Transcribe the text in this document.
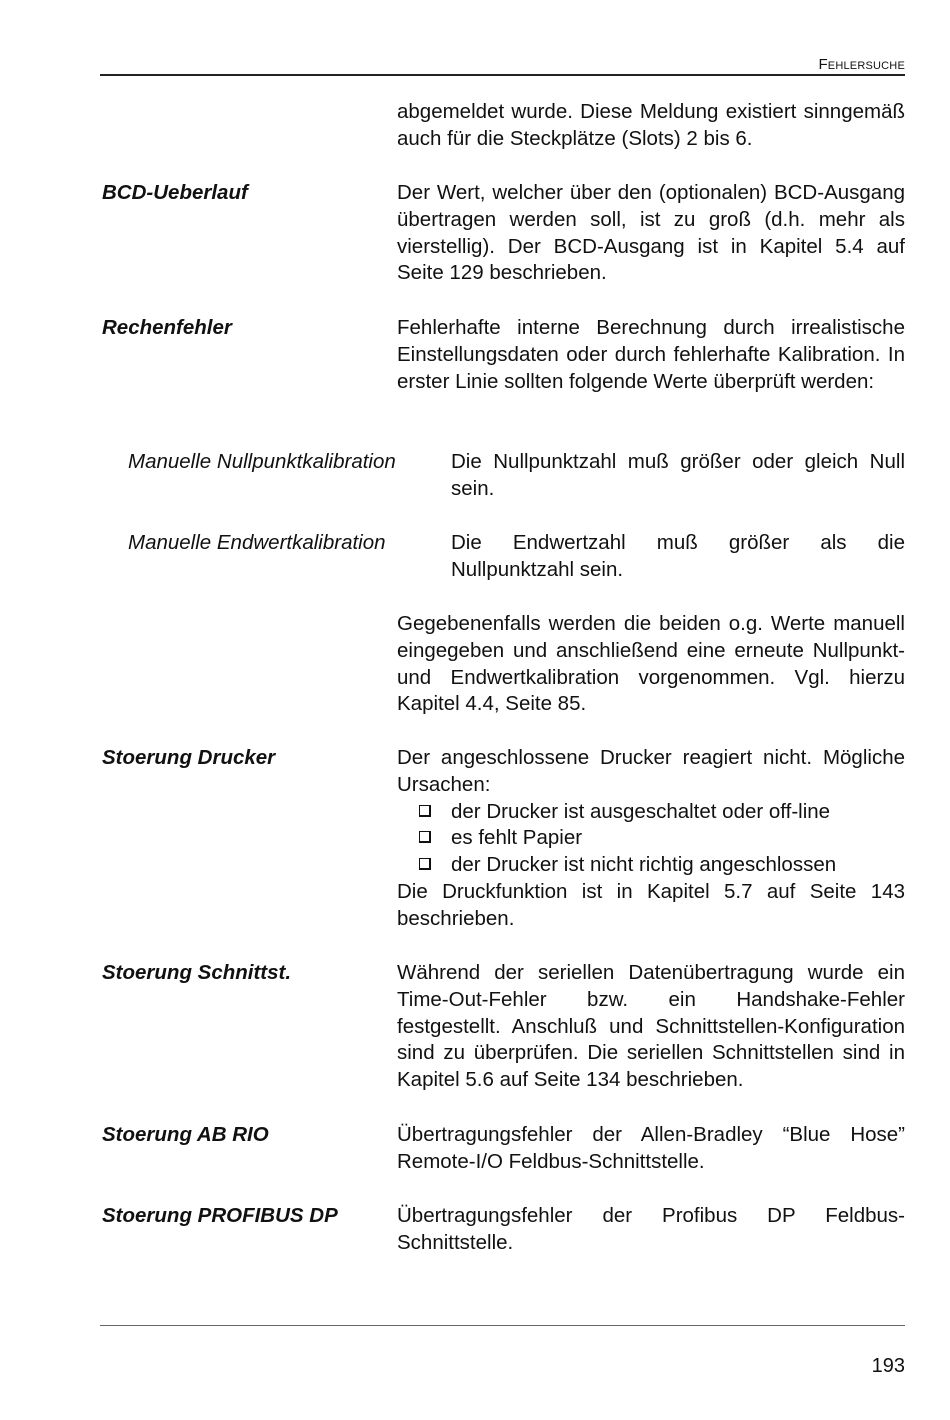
Fehlersuche
abgemeldet wurde. Diese Meldung existiert sinngemäß auch für die Steckplätze (Slots) 2 bis 6.
BCD-Ueberlauf	Der Wert, welcher über den (optionalen) BCD-Ausgang übertragen werden soll, ist zu groß (d.h. mehr als vierstellig). Der BCD-Ausgang ist in Kapitel 5.4 auf Seite 129 beschrieben.
Rechenfehler	Fehlerhafte interne Berechnung durch irrealistische Einstellungsdaten oder durch fehlerhafte Kalibration. In erster Linie sollten folgende Werte überprüft werden:
Manuelle Nullpunktkalibration	Die Nullpunktzahl muß größer oder gleich Null sein.
Manuelle Endwertkalibration	Die Endwertzahl muß größer als die Nullpunktzahl sein.
Gegebenenfalls werden die beiden o.g. Werte manuell eingegeben und anschließend eine erneute Nullpunkt- und Endwertkalibration vorgenommen. Vgl. hierzu Kapitel 4.4, Seite 85.
Stoerung Drucker	Der angeschlossene Drucker reagiert nicht. Mögliche Ursachen:
der Drucker ist ausgeschaltet oder off-line
es fehlt Papier
der Drucker ist nicht richtig angeschlossen
Die Druckfunktion ist in Kapitel 5.7 auf Seite 143 beschrieben.
Stoerung Schnittst.	Während der seriellen Datenübertragung wurde ein Time-Out-Fehler bzw. ein Handshake-Fehler festgestellt. Anschluß und Schnittstellen-Konfiguration sind zu überprüfen. Die seriellen Schnittstellen sind in Kapitel 5.6 auf Seite 134 beschrieben.
Stoerung AB RIO	Übertragungsfehler der Allen-Bradley “Blue Hose” Remote-I/O Feldbus-Schnittstelle.
Stoerung PROFIBUS DP	Übertragungsfehler der Profibus DP Feldbus-Schnittstelle.
193
